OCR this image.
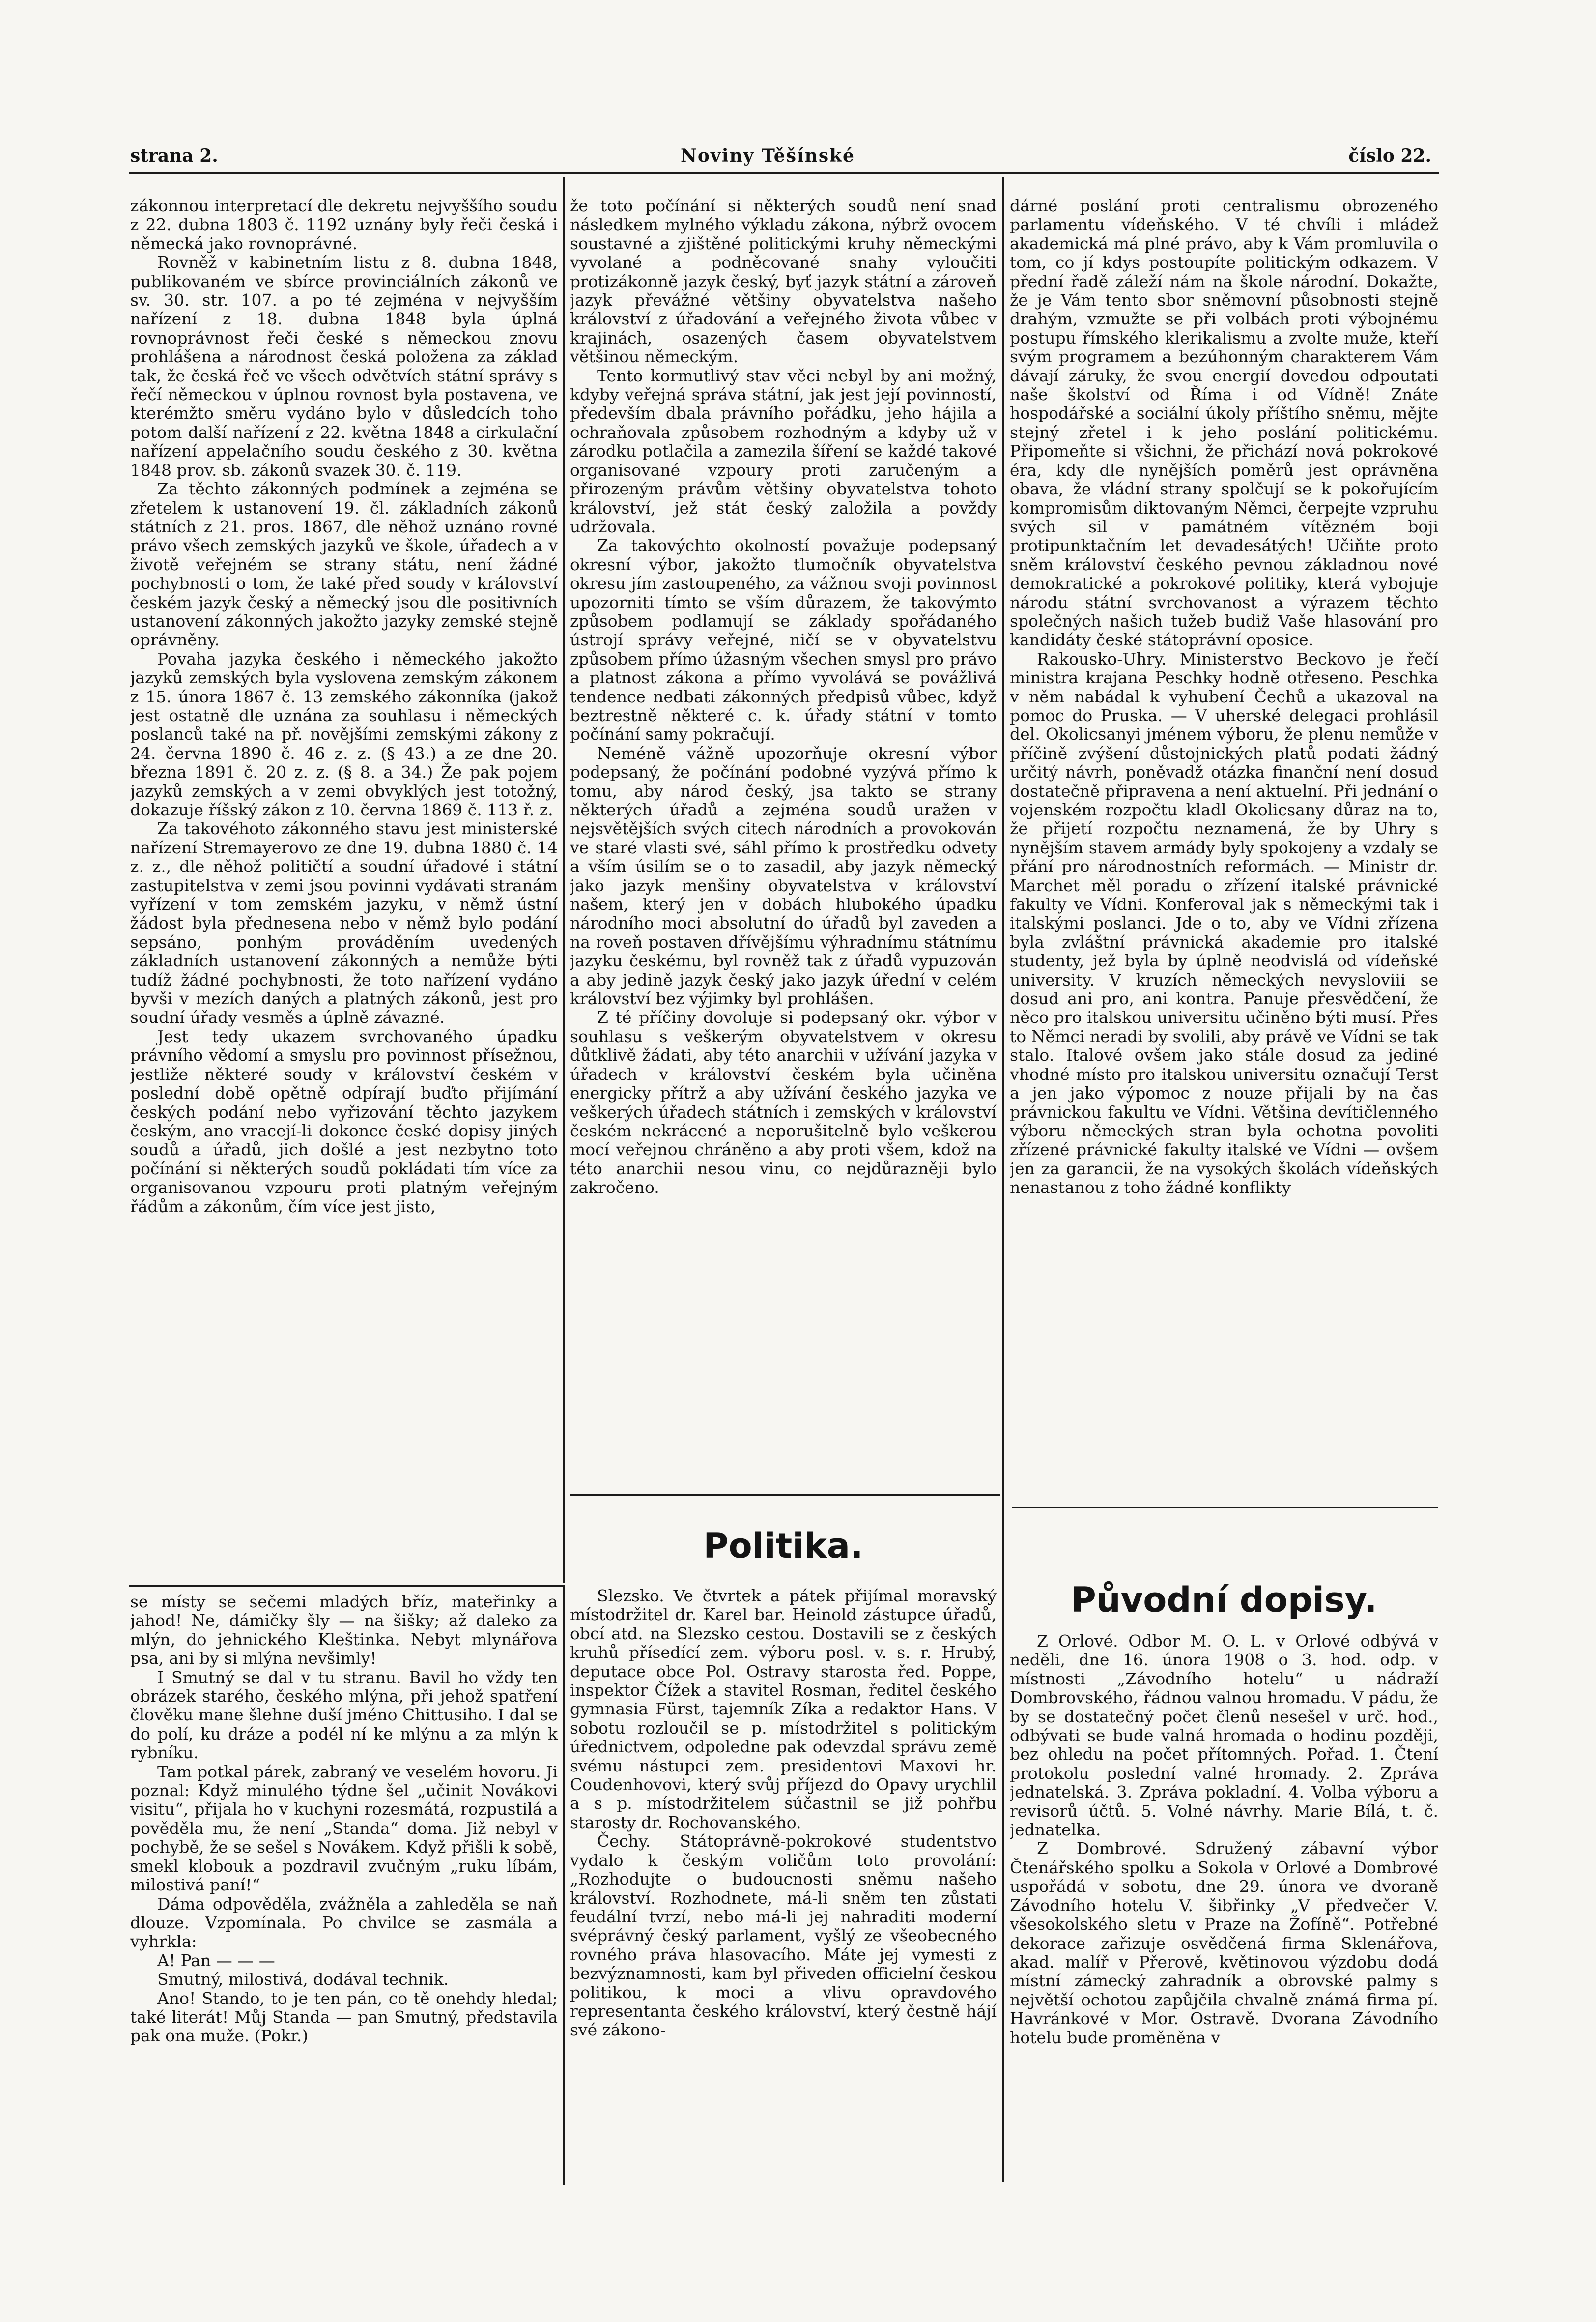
strana 2.	Noviny Těšínské	číslo 22.

zákonnou interpretací dle dekretu nejvyššího soudu z 22. dubna 1803 č. 1192 uznány byly řeči česká i německá jako rovnoprávné.

Rovněž v kabinetním listu z 8. dubna 1848, publikovaném ve sbírce provinciálních zákonů ve sv. 30. str. 107. a po té zejména v nejvyšším nařízení z 18. dubna 1848 byla úplná rovnoprávnost řeči české s německou znovu prohlášena a národnost česká položena za základ tak, že česká řeč ve všech odvětvích státní správy s řečí německou v úplnou rovnost byla postavena, ve kterémžto směru vydáno bylo v důsledcích toho potom další nařízení z 22. května 1848 a cirkulační nařízení appelačního soudu českého z 30. května 1848 prov. sb. zákonů svazek 30. č. 119.

Za těchto zákonných podmínek a zejména se zřetelem k ustanovení 19. čl. základních zákonů státních z 21. pros. 1867, dle něhož uznáno rovné právo všech zemských jazyků ve škole, úřadech a v životě veřejném se strany státu, není žádné pochybnosti o tom, že také před soudy v království českém jazyk český a německý jsou dle positivních ustanovení zákonných jakožto jazyky zemské stejně oprávněny.

Povaha jazyka českého i německého jakožto jazyků zemských byla vyslovena zemským zákonem z 15. února 1867 č. 13 zemského zákonníka (jakož jest ostatně dle uznána za souhlasu i německých poslanců také na př. novějšími zemskými zákony z 24. června 1890 č. 46 z. z. (§ 43.) a ze dne 20. března 1891 č. 20 z. z. (§ 8. a 34.) Že pak pojem jazyků zemských a v zemi obvyklých jest totožný, dokazuje říšský zákon z 10. června 1869 č. 113 ř. z.

Za takovéhoto zákonného stavu jest ministerské nařízení Stremayerovo ze dne 19. dubna 1880 č. 14 z. z., dle něhož političtí a soudní úřadové i státní zastupitelstva v zemi jsou povinni vydávati stranám vyřízení v tom zemském jazyku, v němž ústní žádost byla přednesena nebo v němž bylo podání sepsáno, ponhým prováděním uvedených základních ustanovení zákonných a nemůže býti tudíž žádné pochybnosti, že toto nařízení vydáno byvši v mezích daných a platných zákonů, jest pro soudní úřady vesměs a úplně závazné.

Jest tedy ukazem svrchovaného úpadku právního vědomí a smyslu pro povinnost přísežnou, jestliže některé soudy v království českém v poslední době opětně odpírají buďto přijímání českých podání nebo vyřizování těchto jazykem českým, ano vracejí-li dokonce české dopisy jiných soudů a úřadů, jich došlé a jest nezbytno toto počínání si některých soudů pokládati tím více za organisovanou vzpouru proti platným veřejným řádům a zákonům, čím více jest jisto,

že toto počínání si některých soudů není snad následkem mylného výkladu zákona, nýbrž ovocem soustavné a zjištěné politickými kruhy německými vyvolané a podněcované snahy vyloučiti protizákonně jazyk český, byť jazyk státní a zároveň jazyk převážné většiny obyvatelstva našeho království z úřadování a veřejného života vůbec v krajinách, osazených časem obyvatelstvem většinou německým.

Tento kormutlivý stav věci nebyl by ani možný, kdyby veřejná správa státní, jak jest její povinností, především dbala právního pořádku, jeho hájila a ochraňovala způsobem rozhodným a kdyby už v zárodku potlačila a zamezila šíření se každé takové organisované vzpoury proti zaručeným a přirozeným právům většiny obyvatelstva tohoto království, jež stát český založila a povždy udržovala.

Za takovýchto okolností považuje podepsaný okresní výbor, jakožto tlumočník obyvatelstva okresu jím zastoupeného, za vážnou svoji povinnost upozorniti tímto se vším důrazem, že takovýmto způsobem podlamují se základy spořádaného ústrojí správy veřejné, ničí se v obyvatelstvu způsobem přímo úžasným všechen smysl pro právo a platnost zákona a přímo vyvolává se povážlivá tendence nedbati zákonných předpisů vůbec, když beztrestně některé c. k. úřady státní v tomto počínání samy pokračují.

Neméně vážně upozorňuje okresní výbor podepsaný, že počínání podobné vyzývá přímo k tomu, aby národ český, jsa takto se strany některých úřadů a zejména soudů uražen v nejsvětějších svých citech národních a provokován ve staré vlasti své, sáhl přímo k prostředku odvety a vším úsilím se o to zasadil, aby jazyk německý jako jazyk menšiny obyvatelstva v království našem, který jen v dobách hlubokého úpadku národního moci absolutní do úřadů byl zaveden a na roveň postaven dřívějšímu výhradnímu státnímu jazyku českému, byl rovněž tak z úřadů vypuzován a aby jedině jazyk český jako jazyk úřední v celém království bez výjimky byl prohlášen.

Z té příčiny dovoluje si podepsaný okr. výbor v souhlasu s veškerým obyvatelstvem v okresu důtklivě žádati, aby této anarchii v užívání jazyka v úřadech v království českém byla učiněna energicky přítrž a aby užívání českého jazyka ve veškerých úřadech státních i zemských v království českém nekrácené a neporušitelně bylo veškerou mocí veřejnou chráněno a aby proti všem, kdož na této anarchii nesou vinu, co nejdůrazněji bylo zakročeno.

dárné poslání proti centralismu obrozeného parlamentu vídeňského. V té chvíli i mládež akademická má plné právo, aby k Vám promluvila o tom, co jí kdys postoupíte politickým odkazem. V přední řadě záleží nám na škole národní. Dokažte, že je Vám tento sbor sněmovní působnosti stejně drahým, vzmužte se při volbách proti výbojnému postupu římského klerikalismu a zvolte muže, kteří svým programem a bezúhonným charakterem Vám dávají záruky, že svou energií dovedou odpoutati naše školství od Říma i od Vídně! Znáte hospodářské a sociální úkoly příštího sněmu, mějte stejný zřetel i k jeho poslání politickému. Připomeňte si všichni, že přichází nová pokrokové éra, kdy dle nynějších poměrů jest oprávněna obava, že vládní strany spolčují se k pokořujícím kompromisům diktovaným Němci, čerpejte vzpruhu svých sil v památném vítězném boji protipunktačním let devadesátých! Učiňte proto sněm království českého pevnou základnou nové demokratické a pokrokové politiky, která vybojuje národu státní svrchovanost a výrazem těchto společných našich tužeb budiž Vaše hlasování pro kandidáty české státoprávní oposice.

Rakousko-Uhry. Ministerstvo Beckovo je řečí ministra krajana Peschky hodně otřeseno. Peschka v něm nabádal k vyhubení Čechů a ukazoval na pomoc do Pruska. — V uherské delegaci prohlásil del. Okolicsanyi jménem výboru, že plenu nemůže v příčině zvýšení důstojnických platů podati žádný určitý návrh, poněvadž otázka finanční není dosud dostatečně připravena a není aktuelní. Při jednání o vojenském rozpočtu kladl Okolicsany důraz na to, že přijetí rozpočtu neznamená, že by Uhry s nynějším stavem armády byly spokojeny a vzdaly se přání pro národnostních reformách. — Ministr dr. Marchet měl poradu o zřízení italské právnické fakulty ve Vídni. Konferoval jak s německými tak i italskými poslanci. Jde o to, aby ve Vídni zřízena byla zvláštní právnická akademie pro italské studenty, jež byla by úplně neodvislá od vídeňské university. V kruzích německých nevysloviii se dosud ani pro, ani kontra. Panuje přesvědčení, že něco pro italskou universitu učiněno býti musí. Přes to Němci neradi by svolili, aby právě ve Vídni se tak stalo. Italové ovšem jako stále dosud za jediné vhodné místo pro italskou universitu označují Terst a jen jako výpomoc z nouze přijali by na čas právnickou fakultu ve Vídni. Většina devítičlenného výboru německých stran byla ochotna povoliti zřízené právnické fakulty italské ve Vídni — ovšem jen za garancii, že na vysokých školách vídeňských nenastanou z toho žádné konflikty

Politika.

Slezsko. Ve čtvrtek a pátek přijímal moravský místodržitel dr. Karel bar. Heinold zástupce úřadů, obcí atd. na Slezsko cestou. Dostavili se z českých kruhů přísedící zem. výboru posl. v. s. r. Hrubý, deputace obce Pol. Ostravy starosta řed. Poppe, inspektor Čížek a stavitel Rosman, ředitel českého gymnasia Fürst, tajemník Zíka a redaktor Hans. V sobotu rozloučil se p. místodržitel s politickým úřednictvem, odpoledne pak odevzdal správu země svému nástupci zem. presidentovi Maxovi hr. Coudenhovovi, který svůj příjezd do Opavy urychlil a s p. místodržitelem súčastnil se již pohřbu starosty dr. Rochovanského.

Čechy. Státoprávně-pokrokové studentstvo vydalo k českým voličům toto provolání: „Rozhodujte o budoucnosti sněmu našeho království. Rozhodnete, má-li sněm ten zůstati feudální tvrzí, nebo má-li jej nahraditi moderní svéprávný český parlament, vyšlý ze všeobecného rovného práva hlasovacího. Máte jej vymesti z bezvýznamnosti, kam byl přiveden officielní českou politikou, k moci a vlivu opravdového representanta českého království, který čestně hájí své zákono-

Původní dopisy.

Z Orlové. Odbor M. O. L. v Orlové odbývá v neděli, dne 16. února 1908 o 3. hod. odp. v místnosti „Závodního hotelu“ u nádraží Dombrovského, řádnou valnou hromadu. V pádu, že by se dostatečný počet členů nesešel v urč. hod., odbývati se bude valná hromada o hodinu později, bez ohledu na počet přítomných. Pořad. 1. Čtení protokolu poslední valné hromady. 2. Zpráva jednatelská. 3. Zpráva pokladní. 4. Volba výboru a revisorů účtů. 5. Volné návrhy. Marie Bílá, t. č. jednatelka.

Z Dombrové. Sdružený zábavní výbor Čtenářského spolku a Sokola v Orlové a Dombrové uspořádá v sobotu, dne 29. února ve dvoraně Závodního hotelu V. šibřinky „V předvečer V. všesokolského sletu v Praze na Žofíně“. Potřebné dekorace zařizuje osvědčená firma Sklenářova, akad. malíř v Přerově, květinovou výzdobu dodá místní zámecký zahradník a obrovské palmy s největší ochotou zapůjčila chvalně známá firma pí. Havránkové v Mor. Ostravě. Dvorana Závodního hotelu bude proměněna v

se místy se sečemi mladých bříz, mateřinky a jahod! Ne, dámičky šly — na šišky; až daleko za mlýn, do jehnického Kleštinka. Nebyt mlynářova psa, ani by si mlýna nevšimly!

I Smutný se dal v tu stranu. Bavil ho vždy ten obrázek starého, českého mlýna, při jehož spatření člověku mane šlehne duší jméno Chittusiho. I dal se do polí, ku dráze a podél ní ke mlýnu a za mlýn k rybníku.

Tam potkal párek, zabraný ve veselém hovoru. Ji poznal: Když minulého týdne šel „učinit Novákovi visitu“, přijala ho v kuchyni rozesmátá, rozpustilá a pověděla mu, že není „Standa“ doma. Již nebyl v pochybě, že se sešel s Novákem. Když přišli k sobě, smekl klobouk a pozdravil zvučným „ruku líbám, milostivá paní!“

Dáma odpověděla, zvážněla a zahleděla se naň dlouze. Vzpomínala. Po chvilce se zasmála a vyhrkla:

A! Pan — — —

Smutný, milostivá, dodával technik.

Ano! Stando, to je ten pán, co tě onehdy hledal; také literát! Můj Standa — pan Smutný, představila pak ona muže. (Pokr.)
